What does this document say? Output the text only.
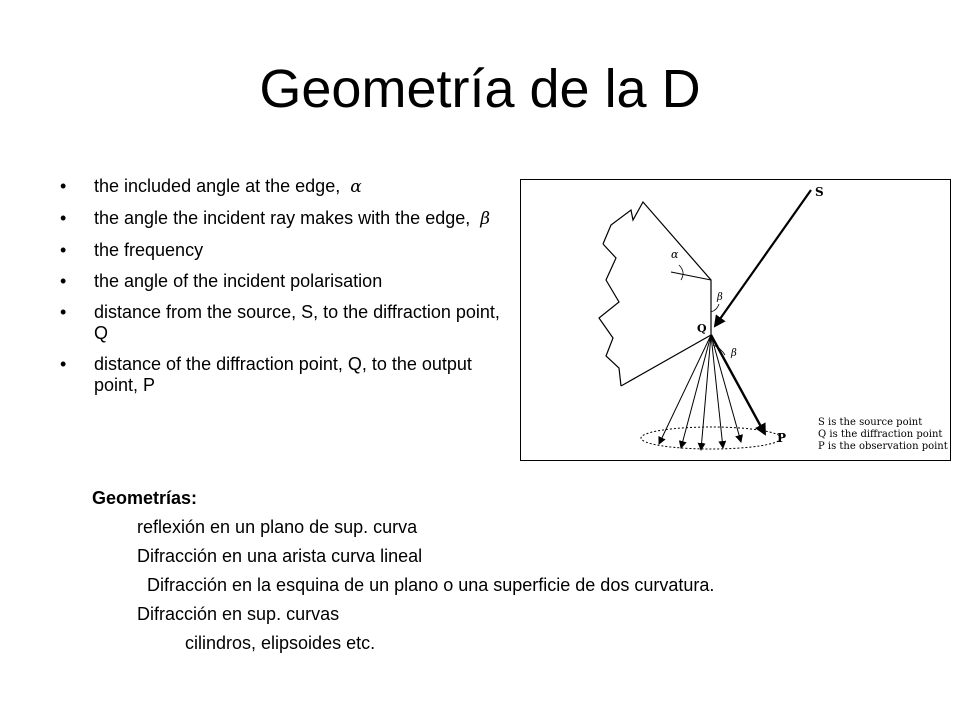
Geometría de la D
• the included angle at the edge, α
• the angle the incident ray makes with the edge, β
• the frequency
• the angle of the incident polarisation
• distance from the source, S, to the diffraction point, Q
• distance of the diffraction point, Q, to the output point, P
S
Q
P
α
β
β
S is the source point
Q is the diffraction point
P is the observation point
Geometrías:
reflexión en un plano de sup. curva
Difracción en una arista curva lineal
Difracción en la esquina de un plano o una superficie de dos curvatura.
Difracción en sup. curvas
cilindros, elipsoides etc.
